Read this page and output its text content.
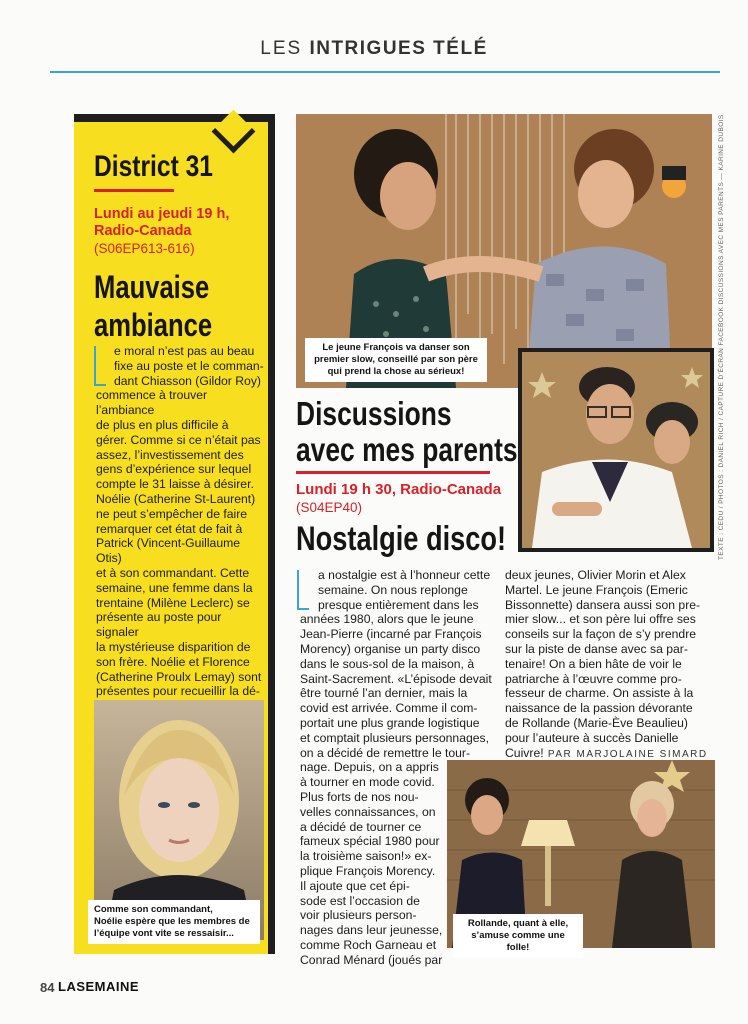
LES INTRIGUES TÉLÉ
District 31
Lundi au jeudi 19 h,
Radio-Canada
(S06EP613-616)
Mauvaise
ambiance
e moral n’est pas au beau
fixe au poste et le comman-
dant Chiasson (Gildor Roy)
commence à trouver l’ambiance
de plus en plus difficile à
gérer. Comme si ce n’était pas
assez, l’investissement des
gens d’expérience sur lequel
compte le 31 laisse à désirer.
Noélie (Catherine St-Laurent)
ne peut s’empêcher de faire
remarquer cet état de fait à
Patrick (Vincent-Guillaume Otis)
et à son commandant. Cette
semaine, une femme dans la
trentaine (Milène Leclerc) se
présente au poste pour signaler
la mystérieuse disparition de
son frère. Noélie et Florence
(Catherine Proulx Lemay) sont
présentes pour recueillir la dé-
Comme son commandant,
Noélie espère que les membres de
l’équipe vont vite se ressaisir...
Le jeune François va danser son
premier slow, conseillé par son père
qui prend la chose au sérieux!
Discussions
avec mes parents
Lundi 19 h 30, Radio-Canada
(S04EP40)
Nostalgie disco!
a nostalgie est à l’honneur cette
semaine. On nous replonge
presque entièrement dans les
années 1980, alors que le jeune
Jean-Pierre (incarné par François
Morency) organise un party disco
dans le sous-sol de la maison, à
Saint-Sacrement. «L’épisode devait
être tourné l’an dernier, mais la
covid est arrivée. Comme il com-
portait une plus grande logistique
et comptait plusieurs personnages,
on a décidé de remettre le tour-
nage. Depuis, on a appris
à tourner en mode covid.
Plus forts de nos nou-
velles connaissances, on
a décidé de tourner ce
fameux spécial 1980 pour
la troisième saison!» ex-
plique François Morency.
Il ajoute que cet épi-
sode est l’occasion de
voir plusieurs person-
nages dans leur jeunesse,
comme Roch Garneau et
Conrad Ménard (joués par
deux jeunes, Olivier Morin et Alex
Martel. Le jeune François (Emeric
Bissonnette) dansera aussi son pre-
mier slow... et son père lui offre ses
conseils sur la façon de s’y prendre
sur la piste de danse avec sa par-
tenaire! On a bien hâte de voir le
patriarche à l’œuvre comme pro-
fesseur de charme. On assiste à la
naissance de la passion dévorante
de Rollande (Marie-Ève Beaulieu)
pour l’auteure à succès Danielle
Cuivre! PAR MARJOLAINE SIMARD
Rollande, quant à elle,
s’amuse comme une folle!
84 LASEMAINE
TEXTE : CEDU / PHOTOS : DANIEL RICH / CAPTURE D’ÉCRAN FACEBOOK DISCUSSIONS AVEC MES PARENTS — KARINE DUBOIS
